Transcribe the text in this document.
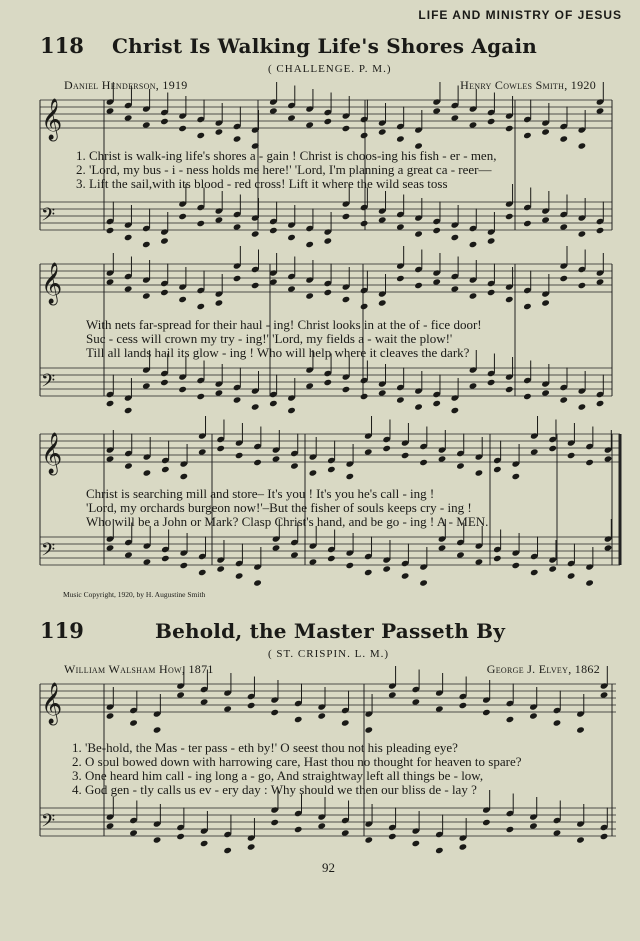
𝄞
𝄢
𝄞
𝄢
𝄞
𝄢
𝄞
𝄢
LIFE AND MINISTRY OF JESUS
118 Christ Is Walking Life's Shores Again
( CHALLENGE. P. M.)
Daniel Henderson, 1919	Henry Cowles Smith, 1920
1. Christ is walk-ing life's shores a - gain ! Christ is choos-ing his fish - er - men,
2. 'Lord, my bus - i - ness holds me here!' 'Lord, I'm planning a great ca - reer—
3. Lift the sail,with its blood - red cross! Lift it where the wild seas toss
With nets far-spread for their haul - ing! Christ looks in at the of - fice door!
Suc - cess will crown my try - ing!' 'Lord, my fields a - wait the plow!'
Till all lands hail its glow - ing ! Who will help where it cleaves the dark?
Christ is searching mill and store– It's you ! It's you he's call - ing !
'Lord, my orchards burgeon now!'–But the fisher of souls keeps cry - ing !
Who will be a John or Mark? Clasp Christ's hand, and be go - ing ! A - MEN.
Music Copyright, 1920, by H. Augustine Smith
119	Behold, the Master Passeth By
( ST. CRISPIN. L. M.)
William Walsham How, 1871	George J. Elvey, 1862
1. 'Be-hold, the Mas - ter pass - eth by!' O seest thou not his pleading eye?
2. O soul bowed down with harrowing care, Hast thou no thought for heaven to spare?
3. One heard him call - ing long a - go, And straightway left all things be - low,
4. God gen - tly calls us ev - ery day : Why should we then our bliss de - lay ?
92
